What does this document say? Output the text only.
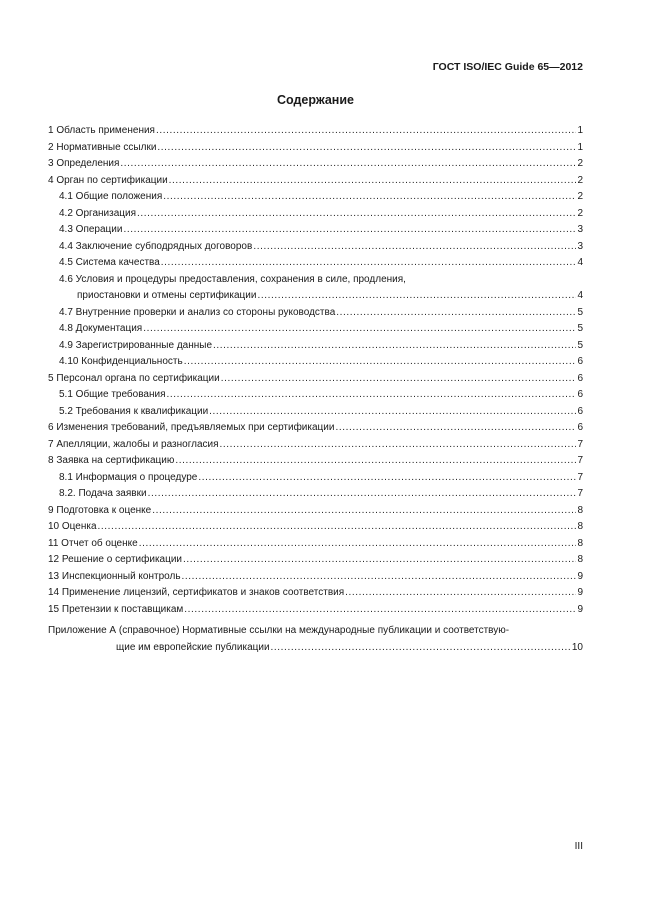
ГОСТ ISO/IEC Guide 65—2012
Содержание
1 Область применения .....	1
2 Нормативные ссылки .....	1
3 Определения .....	2
4 Орган по сертификации .....	2
4.1 Общие положения .....	2
4.2 Организация .....	2
4.3 Операции .....	3
4.4 Заключение субподрядных договоров .....	3
4.5 Система качества .....	4
4.6 Условия и процедуры предоставления, сохранения в силе, продления,
приостановки и отмены сертификации .....	4
4.7 Внутренние проверки и анализ со стороны руководства .....	5
4.8 Документация .....	5
4.9 Зарегистрированные данные .....	5
4.10 Конфиденциальность .....	6
5 Персонал органа по сертификации .....	6
5.1 Общие требования .....	6
5.2 Требования к квалификации .....	6
6 Изменения требований, предъявляемых при сертификации .....	6
7 Апелляции, жалобы и разногласия .....	7
8 Заявка на сертификацию .....	7
8.1 Информация о процедуре .....	7
8.2. Подача заявки .....	7
9 Подготовка к оценке .....	8
10 Оценка .....	8
11 Отчет об оценке .....	8
12 Решение о сертификации .....	8
13 Инспекционный контроль .....	9
14 Применение лицензий, сертификатов и знаков соответствия .....	9
15 Претензии к поставщикам .....	9
Приложение А (справочное) Нормативные ссылки на международные публикации и соответствую-
щие им европейские публикации .....	10
III
